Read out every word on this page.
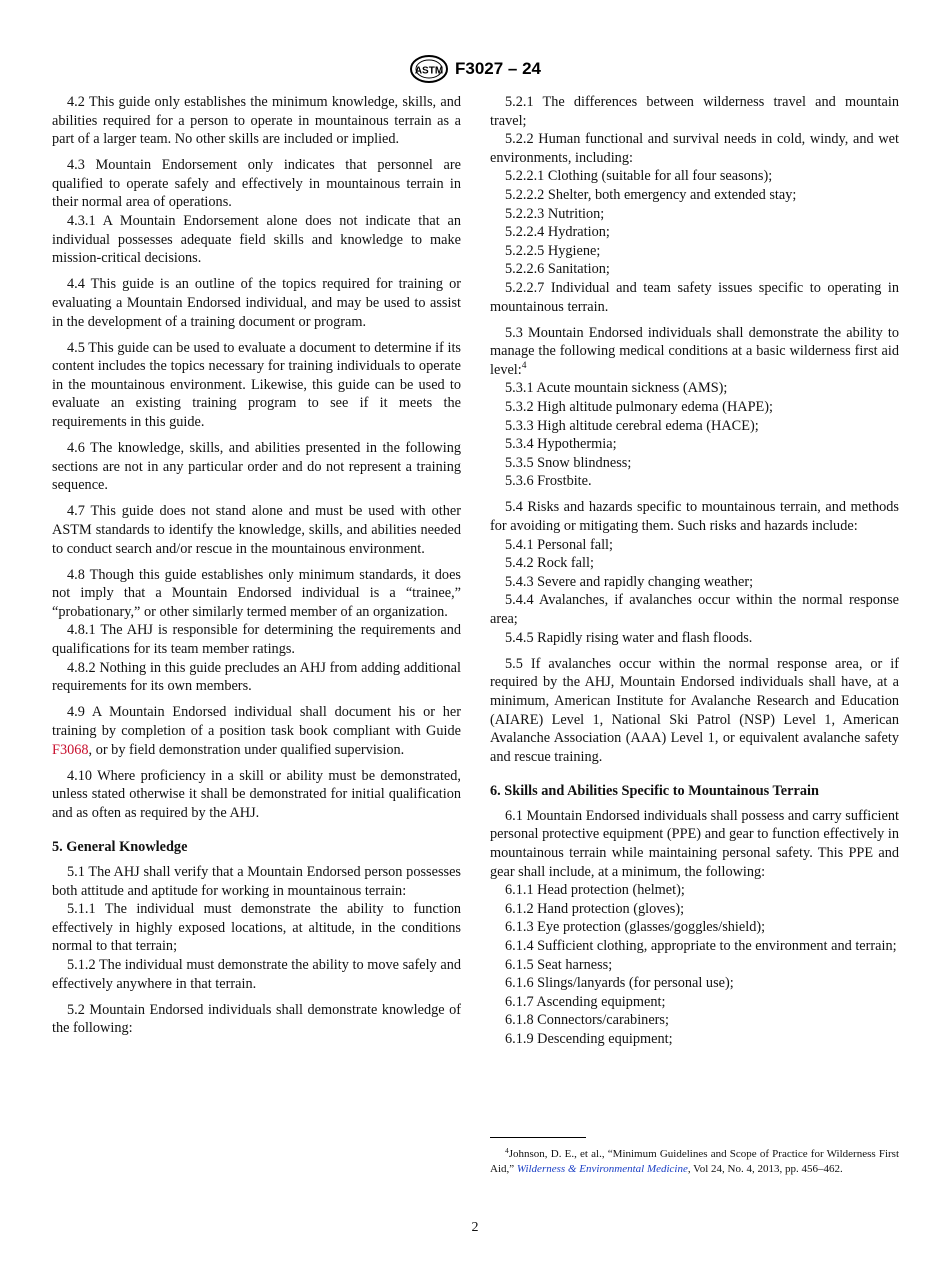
ASTM F3027 – 24

4.2 This guide only establishes the minimum knowledge, skills, and abilities required for a person to operate in mountainous terrain as a part of a larger team. No other skills are included or implied.

4.3 Mountain Endorsement only indicates that personnel are qualified to operate safely and effectively in mountainous terrain in their normal area of operations.

4.3.1 A Mountain Endorsement alone does not indicate that an individual possesses adequate field skills and knowledge to make mission-critical decisions.

4.4 This guide is an outline of the topics required for training or evaluating a Mountain Endorsed individual, and may be used to assist in the development of a training document or program.

4.5 This guide can be used to evaluate a document to determine if its content includes the topics necessary for training individuals to operate in the mountainous environment. Likewise, this guide can be used to evaluate an existing training program to see if it meets the requirements in this guide.

4.6 The knowledge, skills, and abilities presented in the following sections are not in any particular order and do not represent a training sequence.

4.7 This guide does not stand alone and must be used with other ASTM standards to identify the knowledge, skills, and abilities needed to conduct search and/or rescue in the mountainous environment.

4.8 Though this guide establishes only minimum standards, it does not imply that a Mountain Endorsed individual is a “trainee,” “probationary,” or other similarly termed member of an organization.

4.8.1 The AHJ is responsible for determining the requirements and qualifications for its team member ratings.

4.8.2 Nothing in this guide precludes an AHJ from adding additional requirements for its own members.

4.9 A Mountain Endorsed individual shall document his or her training by completion of a position task book compliant with Guide F3068, or by field demonstration under qualified supervision.

4.10 Where proficiency in a skill or ability must be demonstrated, unless stated otherwise it shall be demonstrated for initial qualification and as often as required by the AHJ.

5. General Knowledge

5.1 The AHJ shall verify that a Mountain Endorsed person possesses both attitude and aptitude for working in mountainous terrain:

5.1.1 The individual must demonstrate the ability to function effectively in highly exposed locations, at altitude, in the conditions normal to that terrain;

5.1.2 The individual must demonstrate the ability to move safely and effectively anywhere in that terrain.

5.2 Mountain Endorsed individuals shall demonstrate knowledge of the following:

5.2.1 The differences between wilderness travel and mountain travel;

5.2.2 Human functional and survival needs in cold, windy, and wet environments, including:

5.2.2.1 Clothing (suitable for all four seasons);

5.2.2.2 Shelter, both emergency and extended stay;

5.2.2.3 Nutrition;

5.2.2.4 Hydration;

5.2.2.5 Hygiene;

5.2.2.6 Sanitation;

5.2.2.7 Individual and team safety issues specific to operating in mountainous terrain.

5.3 Mountain Endorsed individuals shall demonstrate the ability to manage the following medical conditions at a basic wilderness first aid level:$^4$

5.3.1 Acute mountain sickness (AMS);

5.3.2 High altitude pulmonary edema (HAPE);

5.3.3 High altitude cerebral edema (HACE);

5.3.4 Hypothermia;

5.3.5 Snow blindness;

5.3.6 Frostbite.

5.4 Risks and hazards specific to mountainous terrain, and methods for avoiding or mitigating them. Such risks and hazards include:

5.4.1 Personal fall;

5.4.2 Rock fall;

5.4.3 Severe and rapidly changing weather;

5.4.4 Avalanches, if avalanches occur within the normal response area;

5.4.5 Rapidly rising water and flash floods.

5.5 If avalanches occur within the normal response area, or if required by the AHJ, Mountain Endorsed individuals shall have, at a minimum, American Institute for Avalanche Research and Education (AIARE) Level 1, National Ski Patrol (NSP) Level 1, American Avalanche Association (AAA) Level 1, or equivalent avalanche safety and rescue training.

6. Skills and Abilities Specific to Mountainous Terrain

6.1 Mountain Endorsed individuals shall possess and carry sufficient personal protective equipment (PPE) and gear to function effectively in mountainous terrain while maintaining personal safety. This PPE and gear shall include, at a minimum, the following:

6.1.1 Head protection (helmet);

6.1.2 Hand protection (gloves);

6.1.3 Eye protection (glasses/goggles/shield);

6.1.4 Sufficient clothing, appropriate to the environment and terrain;

6.1.5 Seat harness;

6.1.6 Slings/lanyards (for personal use);

6.1.7 Ascending equipment;

6.1.8 Connectors/carabiners;

6.1.9 Descending equipment;

$^4$Johnson, D. E., et al., “Minimum Guidelines and Scope of Practice for Wilderness First Aid,” Wilderness & Environmental Medicine, Vol 24, No. 4, 2013, pp. 456–462.
2
